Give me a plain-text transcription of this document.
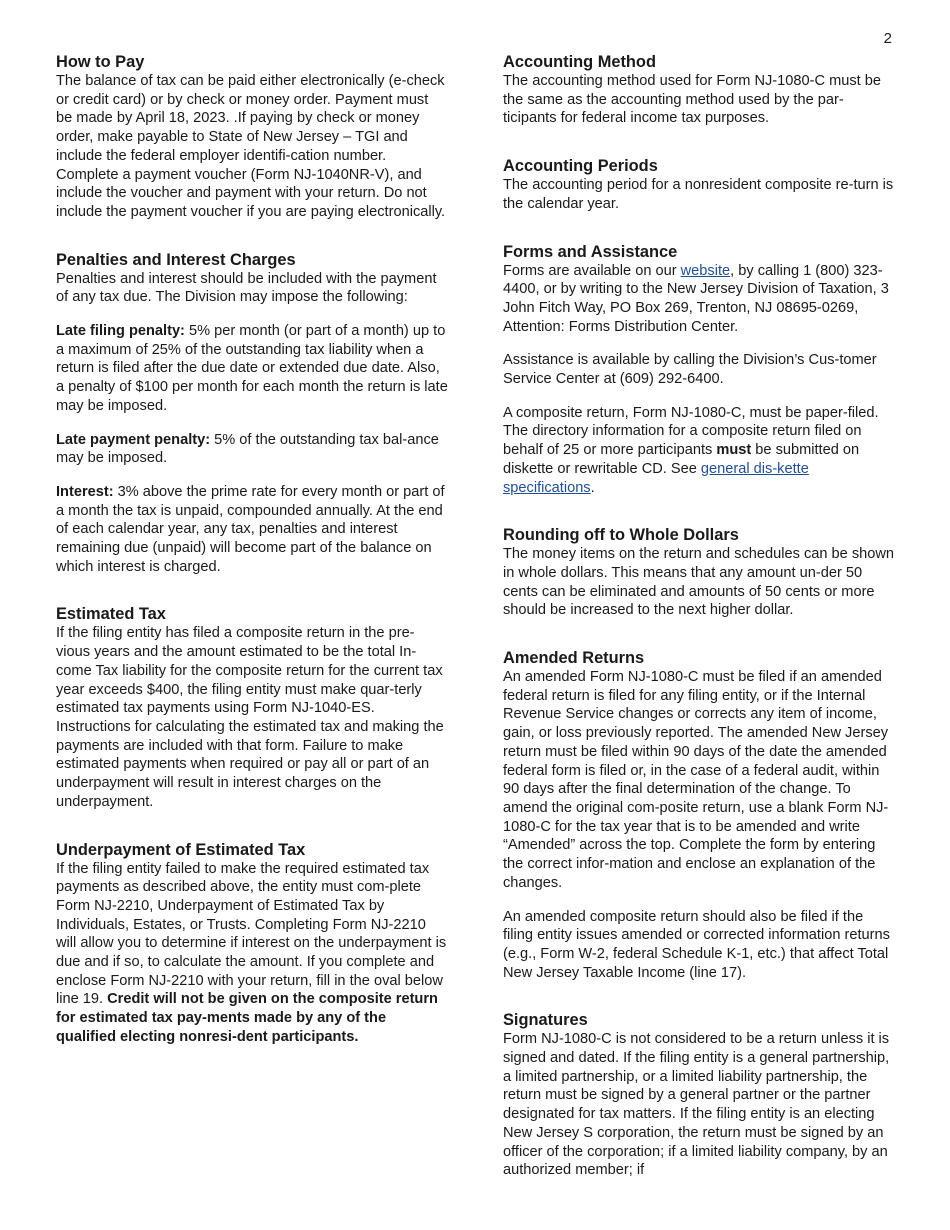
2
How to Pay

The balance of tax can be paid either electronically (e-check or credit card) or by check or money order. Payment must be made by April 18, 2023. .If paying by check or money order, make payable to State of New Jersey – TGI and include the federal employer identifi-cation number. Complete a payment voucher (Form NJ-1040NR-V), and include the voucher and payment with your return. Do not include the payment voucher if you are paying electronically.

Penalties and Interest Charges

Penalties and interest should be included with the payment of any tax due. The Division may impose the following:

Late filing penalty: 5% per month (or part of a month) up to a maximum of 25% of the outstanding tax liability when a return is filed after the due date or extended due date. Also, a penalty of $100 per month for each month the return is late may be imposed.

Late payment penalty: 5% of the outstanding tax bal-ance may be imposed.

Interest: 3% above the prime rate for every month or part of a month the tax is unpaid, compounded annually. At the end of each calendar year, any tax, penalties and interest remaining due (unpaid) will become part of the balance on which interest is charged.

Estimated Tax

If the filing entity has filed a composite return in the pre-vious years and the amount estimated to be the total In-come Tax liability for the composite return for the current tax year exceeds $400, the filing entity must make quar-terly estimated tax payments using Form NJ-1040-ES. Instructions for calculating the estimated tax and making the payments are included with that form. Failure to make estimated payments when required or pay all or part of an underpayment will result in interest charges on the underpayment.

Underpayment of Estimated Tax

If the filing entity failed to make the required estimated tax payments as described above, the entity must com-plete Form NJ-2210, Underpayment of Estimated Tax by Individuals, Estates, or Trusts. Completing Form NJ-2210 will allow you to determine if interest on the underpayment is due and if so, to calculate the amount. If you complete and enclose Form NJ-2210 with your return, fill in the oval below line 19. Credit will not be given on the composite return for estimated tax pay-ments made by any of the qualified electing nonresi-dent participants.

Accounting Method

The accounting method used for Form NJ-1080-C must be the same as the accounting method used by the par-ticipants for federal income tax purposes.

Accounting Periods

The accounting period for a nonresident composite re-turn is the calendar year.

Forms and Assistance

Forms are available on our website, by calling 1 (800) 323-4400, or by writing to the New Jersey Division of Taxation, 3 John Fitch Way, PO Box 269, Trenton, NJ 08695-0269, Attention: Forms Distribution Center.

Assistance is available by calling the Division’s Cus-tomer Service Center at (609) 292-6400.

A composite return, Form NJ-1080-C, must be paper-filed. The directory information for a composite return filed on behalf of 25 or more participants must be submitted on diskette or rewritable CD. See general dis-kette specifications.

Rounding off to Whole Dollars

The money items on the return and schedules can be shown in whole dollars. This means that any amount un-der 50 cents can be eliminated and amounts of 50 cents or more should be increased to the next higher dollar.

Amended Returns

An amended Form NJ-1080-C must be filed if an amended federal return is filed for any filing entity, or if the Internal Revenue Service changes or corrects any item of income, gain, or loss previously reported. The amended New Jersey return must be filed within 90 days of the date the amended federal form is filed or, in the case of a federal audit, within 90 days after the final determination of the change. To amend the original com-posite return, use a blank Form NJ-1080-C for the tax year that is to be amended and write “Amended” across the top. Complete the form by entering the correct infor-mation and enclose an explanation of the changes.

An amended composite return should also be filed if the filing entity issues amended or corrected information returns (e.g., Form W-2, federal Schedule K-1, etc.) that affect Total New Jersey Taxable Income (line 17).

Signatures

Form NJ-1080-C is not considered to be a return unless it is signed and dated. If the filing entity is a general partnership, a limited partnership, or a limited liability partnership, the return must be signed by a general partner or the partner designated for tax matters. If the filing entity is an electing New Jersey S corporation, the return must be signed by an officer of the corporation; if a limited liability company, by an authorized member; if
